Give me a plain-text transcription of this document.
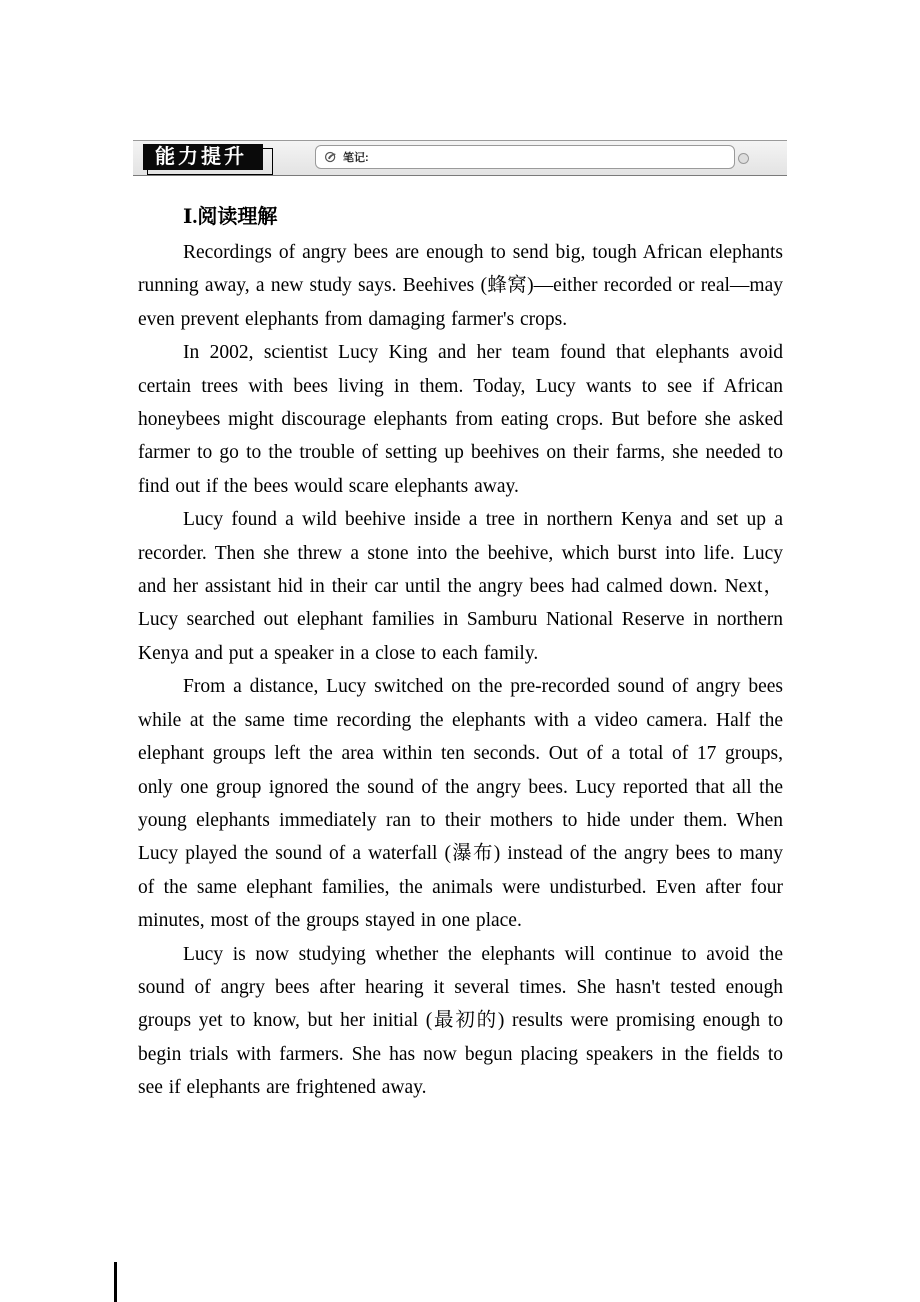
能力提升	笔记:
Ⅰ.阅读理解

Recordings of angry bees are enough to send big, tough African elephants running away, a new study says. Beehives (蜂窝)—either recorded or real—may even prevent elephants from damaging farmer's crops.

In 2002, scientist Lucy King and her team found that elephants avoid certain trees with bees living in them. Today, Lucy wants to see if African honeybees might discourage elephants from eating crops. But before she asked farmer to go to the trouble of setting up beehives on their farms, she needed to find out if the bees would scare elephants away.

Lucy found a wild beehive inside a tree in northern Kenya and set up a recorder. Then she threw a stone into the beehive, which burst into life. Lucy and her assistant hid in their car until the angry bees had calmed down. Next，Lucy searched out elephant families in Samburu National Reserve in northern Kenya and put a speaker in a close to each family.

From a distance, Lucy switched on the pre-recorded sound of angry bees while at the same time recording the elephants with a video camera. Half the elephant groups left the area within ten seconds. Out of a total of 17 groups, only one group ignored the sound of the angry bees. Lucy reported that all the young elephants immediately ran to their mothers to hide under them. When Lucy played the sound of a waterfall (瀑布) instead of the angry bees to many of the same elephant families, the animals were undisturbed. Even after four minutes, most of the groups stayed in one place.

Lucy is now studying whether the elephants will continue to avoid the sound of angry bees after hearing it several times. She hasn't tested enough groups yet to know, but her initial (最初的) results were promising enough to begin trials with farmers. She has now begun placing speakers in the fields to see if elephants are frightened away.
